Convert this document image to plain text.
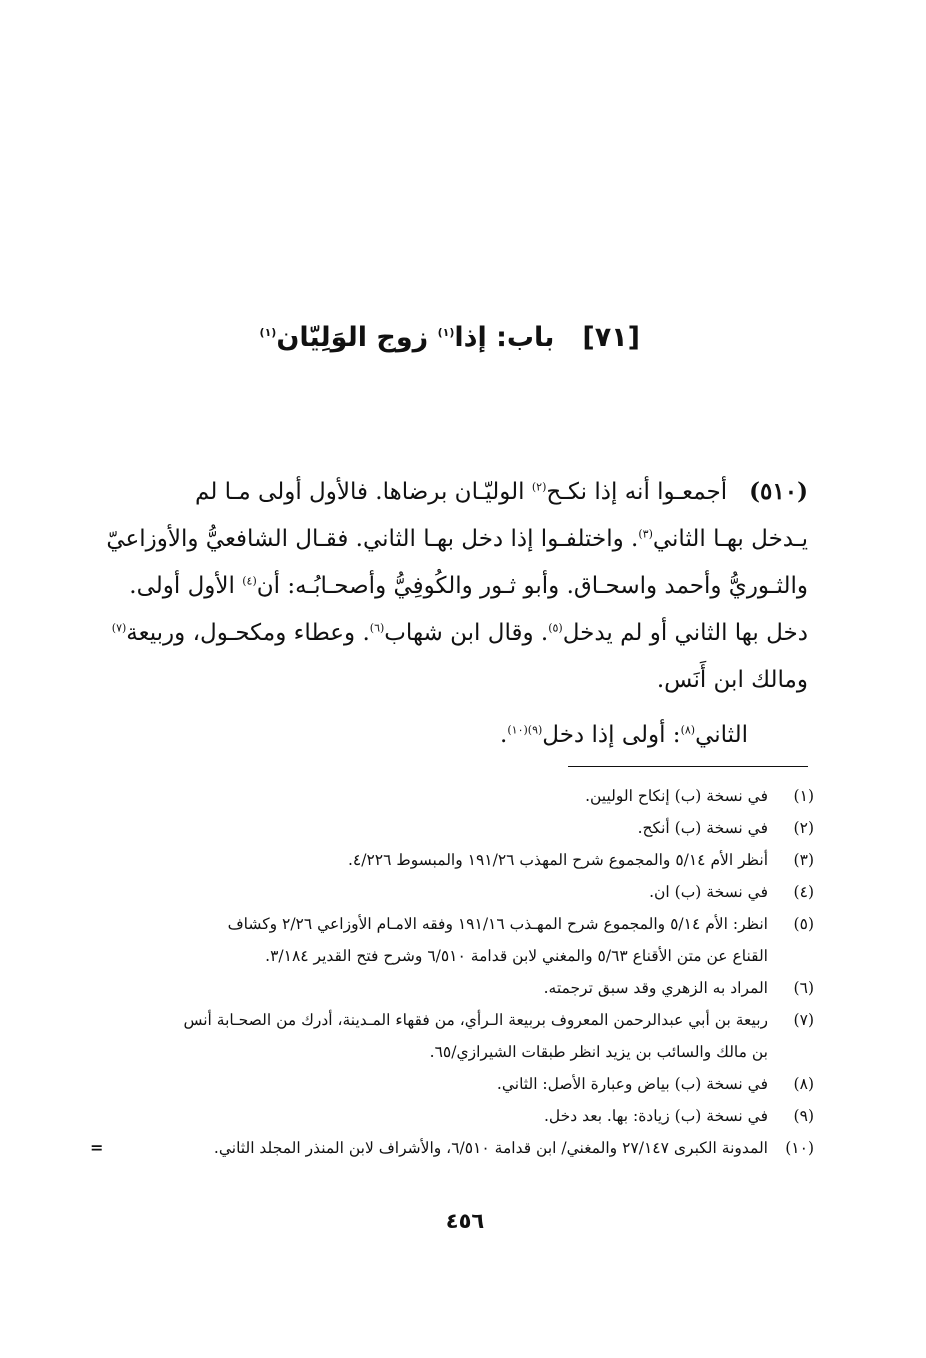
[٧١]باب: إذا$^{(١)}$ زوج الوَلِيّان$^{(١)}$
(٥١٠)أجمعـوا أنه إذا نكـح$^{(٢)}$ الوليّـان برضاها. فالأول أولى مـا لم
يـدخل بهـا الثاني$^{(٣)}$. واختلفـوا إذا دخل بهـا الثاني. فقـال الشافعيُّ والأوزاعيّ
والثـوريُّ وأحمد واسحـاق. وأبو ثـور والكُوفِيُّ وأصحـابُـه: أن$^{(٤)}$ الأول أولى.
دخل بها الثاني أو لم يدخل$^{(٥)}$. وقال ابن شهاب$^{(٦)}$. وعطاء ومكحـول، وربيعة$^{(٧)}$
ومالك ابن أَنَس.
الثاني$^{(٨)}$: أولى إذا دخل$^{(٩)(١٠)}$.
(١)
في نسخة (ب) إنكاح الوليين.
(٢)
في نسخة (ب) أنكح.
(٣)
أنظر الأم ٥/١٤ والمجموع شرح المهذب ١٩١/٢٦ والمبسوط ٤/٢٢٦.
(٤)
في نسخة (ب) ان.
(٥)
انظر: الأم ٥/١٤ والمجموع شرح المهـذب ١٩١/١٦ وفقه الامـام الأوزاعي ٢/٢٦ وكشاف
القناع عن متن الأقناع ٥/٦٣ والمغني لابن قدامة ٦/٥١٠ وشرح فتح القدير ٣/١٨٤.
(٦)
المراد به الزهري وقد سبق ترجمته.
(٧)
ربيعة بن أبي عبدالرحمن المعروف بربيعة الـرأي، من فقهاء المـدينة، أدرك من الصحـابة أنس
بن مالك والسائب بن يزيد انظر طبقات الشيرازي/٦٥.
(٨)
في نسخة (ب) بياض وعبارة الأصل: الثاني.
(٩)
في نسخة (ب) زيادة: بها. بعد دخل.
(١٠)
المدونة الكبرى ٢٧/١٤٧ والمغني/ ابن قدامة ٦/٥١٠، والأشراف لابن المنذر المجلد الثاني.
=
٤٥٦
